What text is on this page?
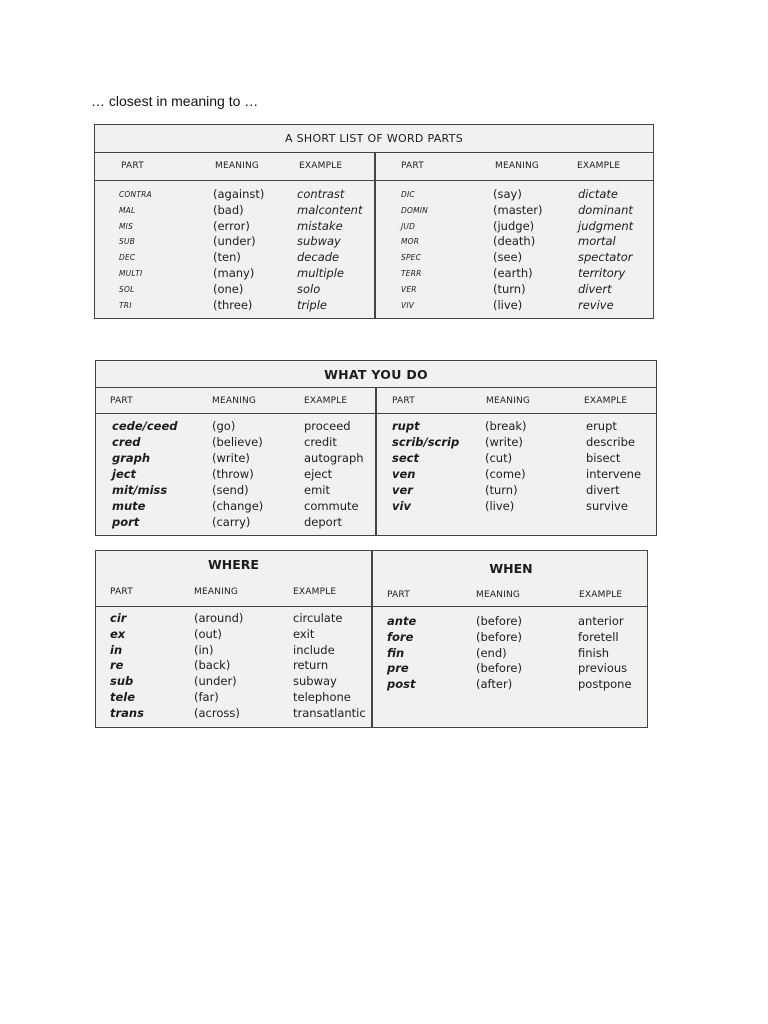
… closest in meaning to …
A SHORT LIST OF WORD PARTS
PART	MEANING	EXAMPLE	PART	MEANING	EXAMPLE
CONTRA	(against)	contrast
MAL	(bad)	malcontent
MIS	(error)	mistake
SUB	(under)	subway
DEC	(ten)	decade
MULTI	(many)	multiple
SOL	(one)	solo
TRI	(three)	triple
DIC	(say)	dictate
DOMIN	(master)	dominant
JUD	(judge)	judgment
MOR	(death)	mortal
SPEC	(see)	spectator
TERR	(earth)	territory
VER	(turn)	divert
VIV	(live)	revive
WHAT YOU DO
PART	MEANING	EXAMPLE	PART	MEANING	EXAMPLE
cede/ceed	(go)	proceed
cred	(believe)	credit
graph	(write)	autograph
ject	(throw)	eject
mit/miss	(send)	emit
mute	(change)	commute
port	(carry)	deport
rupt	(break)	erupt
scrib/scrip (write)	describe
sect	(cut)	bisect
ven	(come)	intervene
ver	(turn)	divert
viv	(live)	survive
WHERE	WHEN
PART	MEANING	EXAMPLE	PART	MEANING	EXAMPLE
cir	(around)	circulate
ex	(out)	exit
in	(in)	include
re	(back)	return
sub	(under)	subway
tele	(far)	telephone
trans	(across)	transatlantic
ante	(before)	anterior
fore	(before)	foretell
fin	(end)	finish
pre	(before)	previous
post	(after)	postpone
